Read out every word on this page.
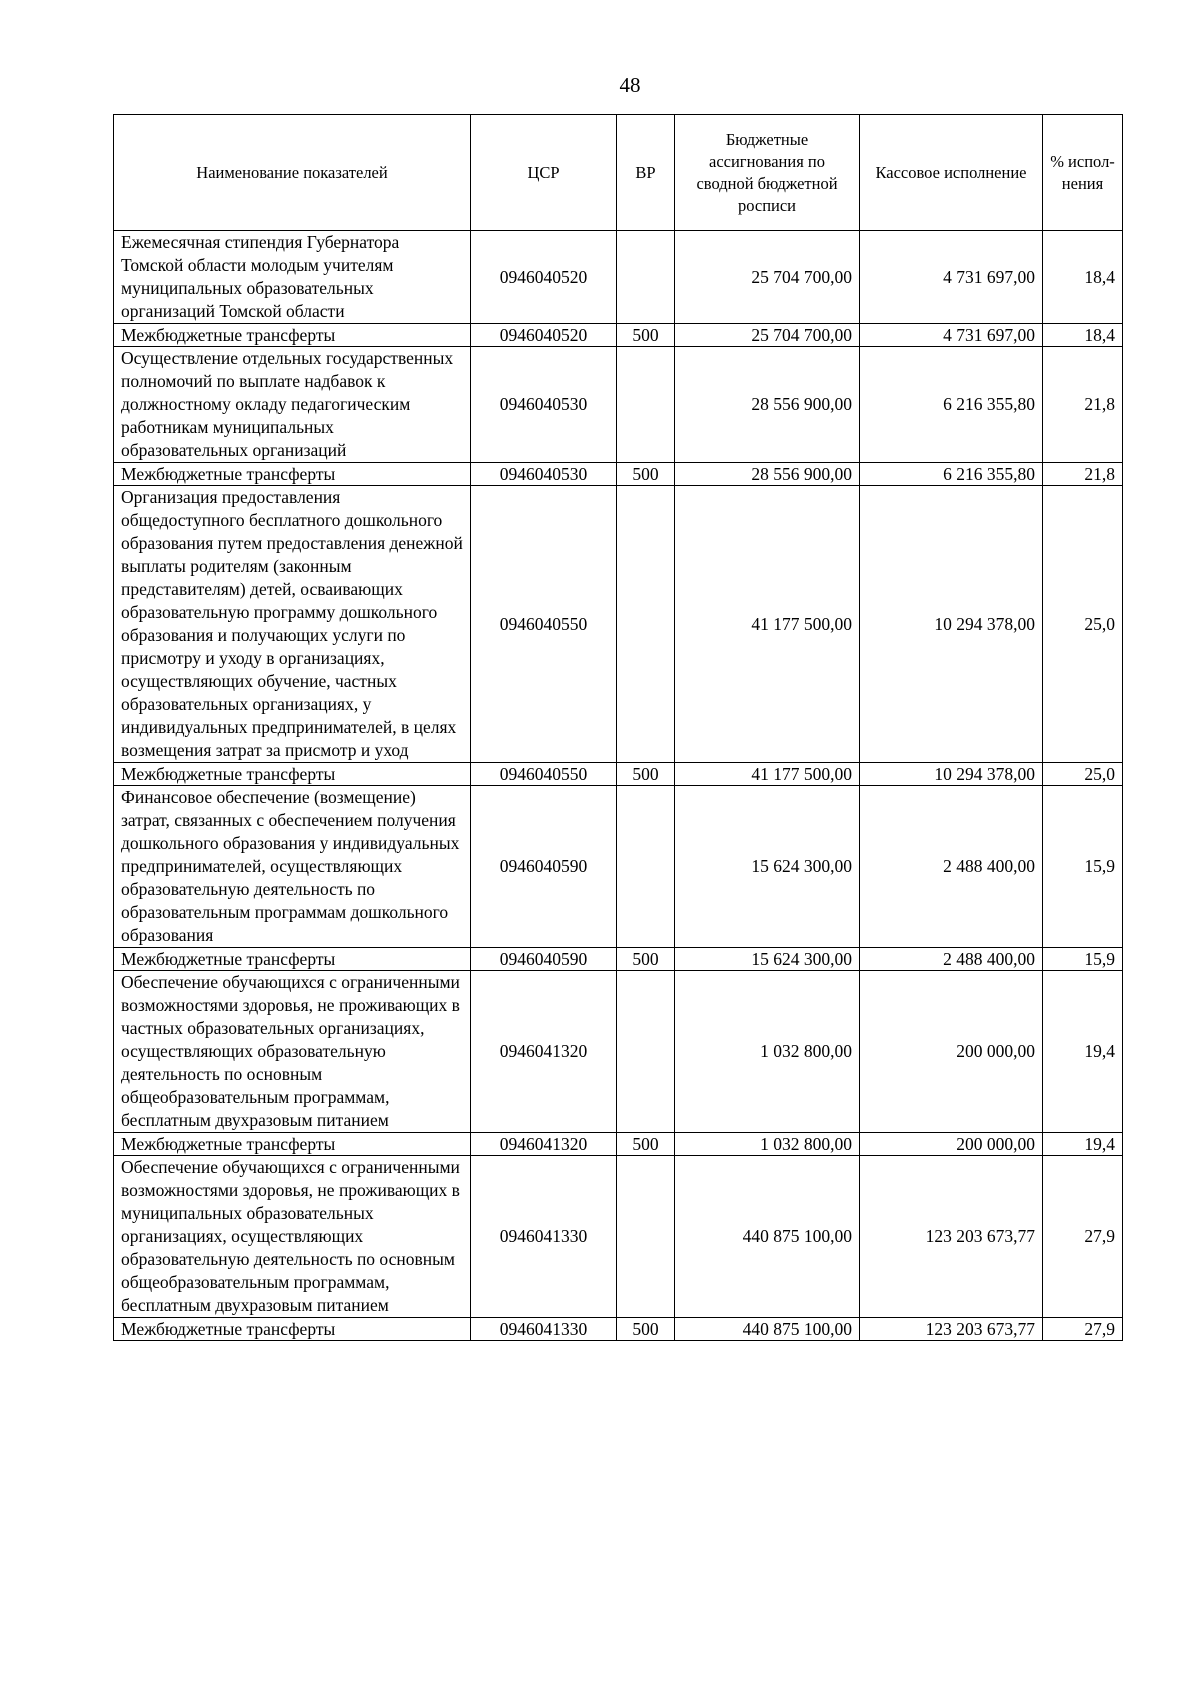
48
Наименование показателей	ЦСР	ВР	Бюджетные ассигнования по сводной бюджетной росписи	Кассовое исполнение	% испол-нения
Ежемесячная стипендия Губернатора Томской области молодым учителям муниципальных образовательных организаций Томской области	0946040520		25 704 700,00	4 731 697,00	18,4
Межбюджетные трансферты	0946040520	500	25 704 700,00	4 731 697,00	18,4
Осуществление отдельных государственных полномочий по выплате надбавок к должностному окладу педагогическим работникам муниципальных образовательных организаций	0946040530		28 556 900,00	6 216 355,80	21,8
Межбюджетные трансферты	0946040530	500	28 556 900,00	6 216 355,80	21,8
Организация предоставления общедоступного бесплатного дошкольного образования путем предоставления денежной выплаты родителям (законным представителям) детей, осваивающих образовательную программу дошкольного образования и получающих услуги по присмотру и уходу в организациях, осуществляющих обучение, частных образовательных организациях, у индивидуальных предпринимателей, в целях возмещения затрат за присмотр и уход	0946040550		41 177 500,00	10 294 378,00	25,0
Межбюджетные трансферты	0946040550	500	41 177 500,00	10 294 378,00	25,0
Финансовое обеспечение (возмещение) затрат, связанных с обеспечением получения дошкольного образования у индивидуальных предпринимателей, осуществляющих образовательную деятельность по образовательным программам дошкольного образования	0946040590		15 624 300,00	2 488 400,00	15,9
Межбюджетные трансферты	0946040590	500	15 624 300,00	2 488 400,00	15,9
Обеспечение обучающихся с ограниченными возможностями здоровья, не проживающих в частных образовательных организациях, осуществляющих образовательную деятельность по основным общеобразовательным программам, бесплатным двухразовым питанием	0946041320		1 032 800,00	200 000,00	19,4
Межбюджетные трансферты	0946041320	500	1 032 800,00	200 000,00	19,4
Обеспечение обучающихся с ограниченными возможностями здоровья, не проживающих в муниципальных образовательных организациях, осуществляющих образовательную деятельность по основным общеобразовательным программам, бесплатным двухразовым питанием	0946041330		440 875 100,00	123 203 673,77	27,9
Межбюджетные трансферты	0946041330	500	440 875 100,00	123 203 673,77	27,9
